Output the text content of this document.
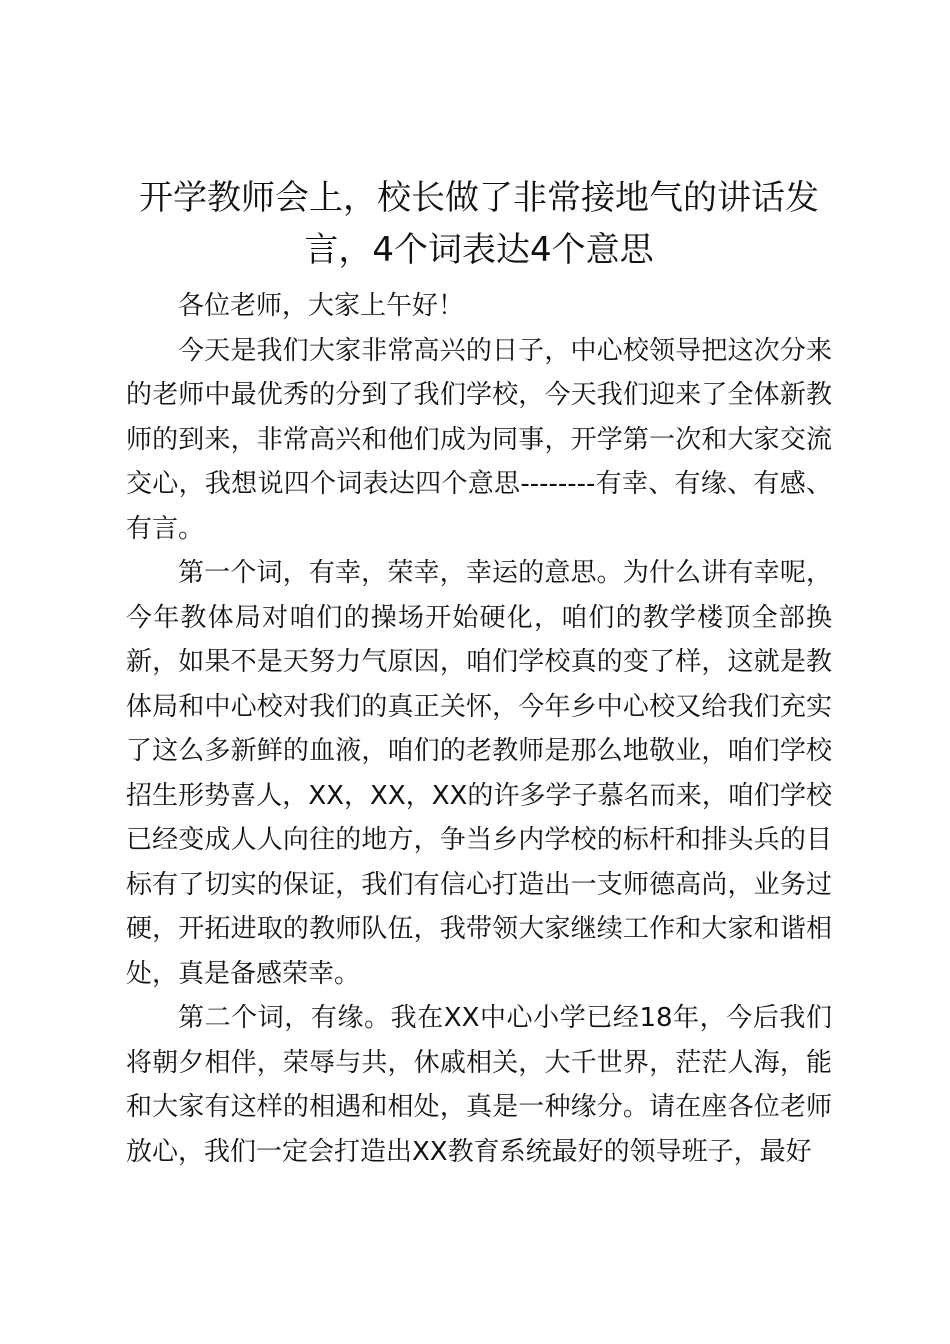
开学教师会上，校长做了非常接地气的讲话发言，4个词表达4个意思

各位老师，大家上午好！

今天是我们大家非常高兴的日子，中心校领导把这次分来的老师中最优秀的分到了我们学校，今天我们迎来了全体新教师的到来，非常高兴和他们成为同事，开学第一次和大家交流交心，我想说四个词表达四个意思--------有幸、有缘、有感、有言。

第一个词，有幸，荣幸，幸运的意思。为什么讲有幸呢，今年教体局对咱们的操场开始硬化，咱们的教学楼顶全部换新，如果不是天努力气原因，咱们学校真的变了样，这就是教体局和中心校对我们的真正关怀，今年乡中心校又给我们充实了这么多新鲜的血液，咱们的老教师是那么地敬业，咱们学校招生形势喜人，XX，XX，XX的许多学子慕名而来，咱们学校已经变成人人向往的地方，争当乡内学校的标杆和排头兵的目标有了切实的保证，我们有信心打造出一支师德高尚，业务过硬，开拓进取的教师队伍，我带领大家继续工作和大家和谐相处，真是备感荣幸。

第二个词，有缘。我在XX中心小学已经18年，今后我们将朝夕相伴，荣辱与共，休戚相关，大千世界，茫茫人海，能和大家有这样的相遇和相处，真是一种缘分。请在座各位老师放心，我们一定会打造出XX教育系统最好的领导班子，最好
